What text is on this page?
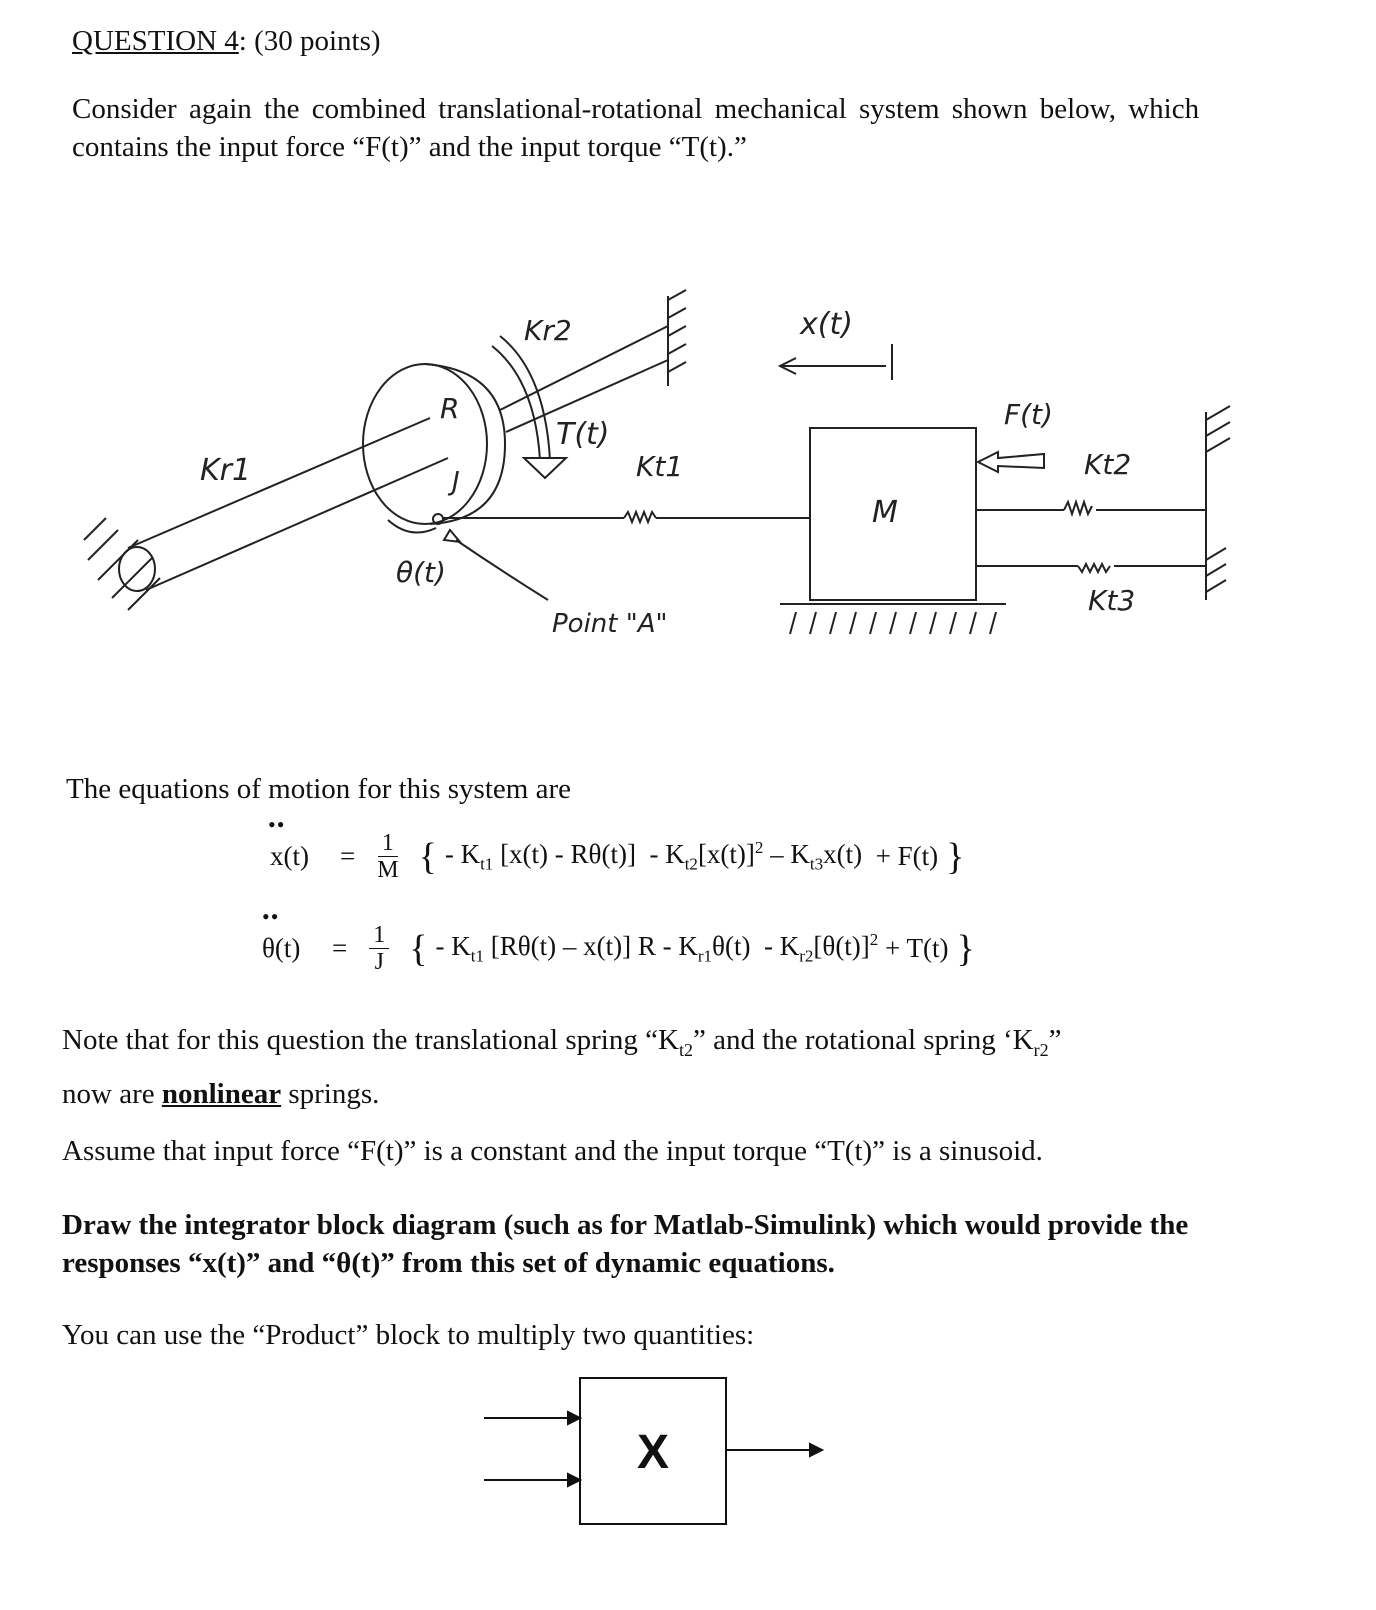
QUESTION 4: (30 points)
Consider again the combined translational-rotational mechanical system shown below, which
contains the input force “F(t)” and the input torque “T(t).”
Kr1
Kr2
R
J
T(t)
Kt1
M
F(t)
Kt2
Kt3
x(t)
θ(t)
Point "A"
The equations of motion for this system are
••
x(t)	= $\frac{1}{M}$ { - $K_{t1}$ [x(t) - Rθ(t)]
- $K_{t2}[x(t)]^2$
– $K_{t3}x(t)$
+ F(t) }
••
θ(t)	= $\frac{1}{J}$ { - $K_{t1}$ [Rθ(t) – x(t)] R
- $K_{r1}\theta(t)$
- $K_{r2}[\theta(t)]^2$
+ T(t) }
Note that for this question the translational spring “$K_{t2}$” and the rotational spring ‘$K_{r2}$”
now are nonlinear springs.
Assume that input force “F(t)” is a constant and the input torque “T(t)” is a sinusoid.
Draw the integrator block diagram (such as for Matlab-Simulink) which would provide the
responses “x(t)” and “θ(t)” from this set of dynamic equations.
You can use the “Product” block to multiply two quantities:
X
